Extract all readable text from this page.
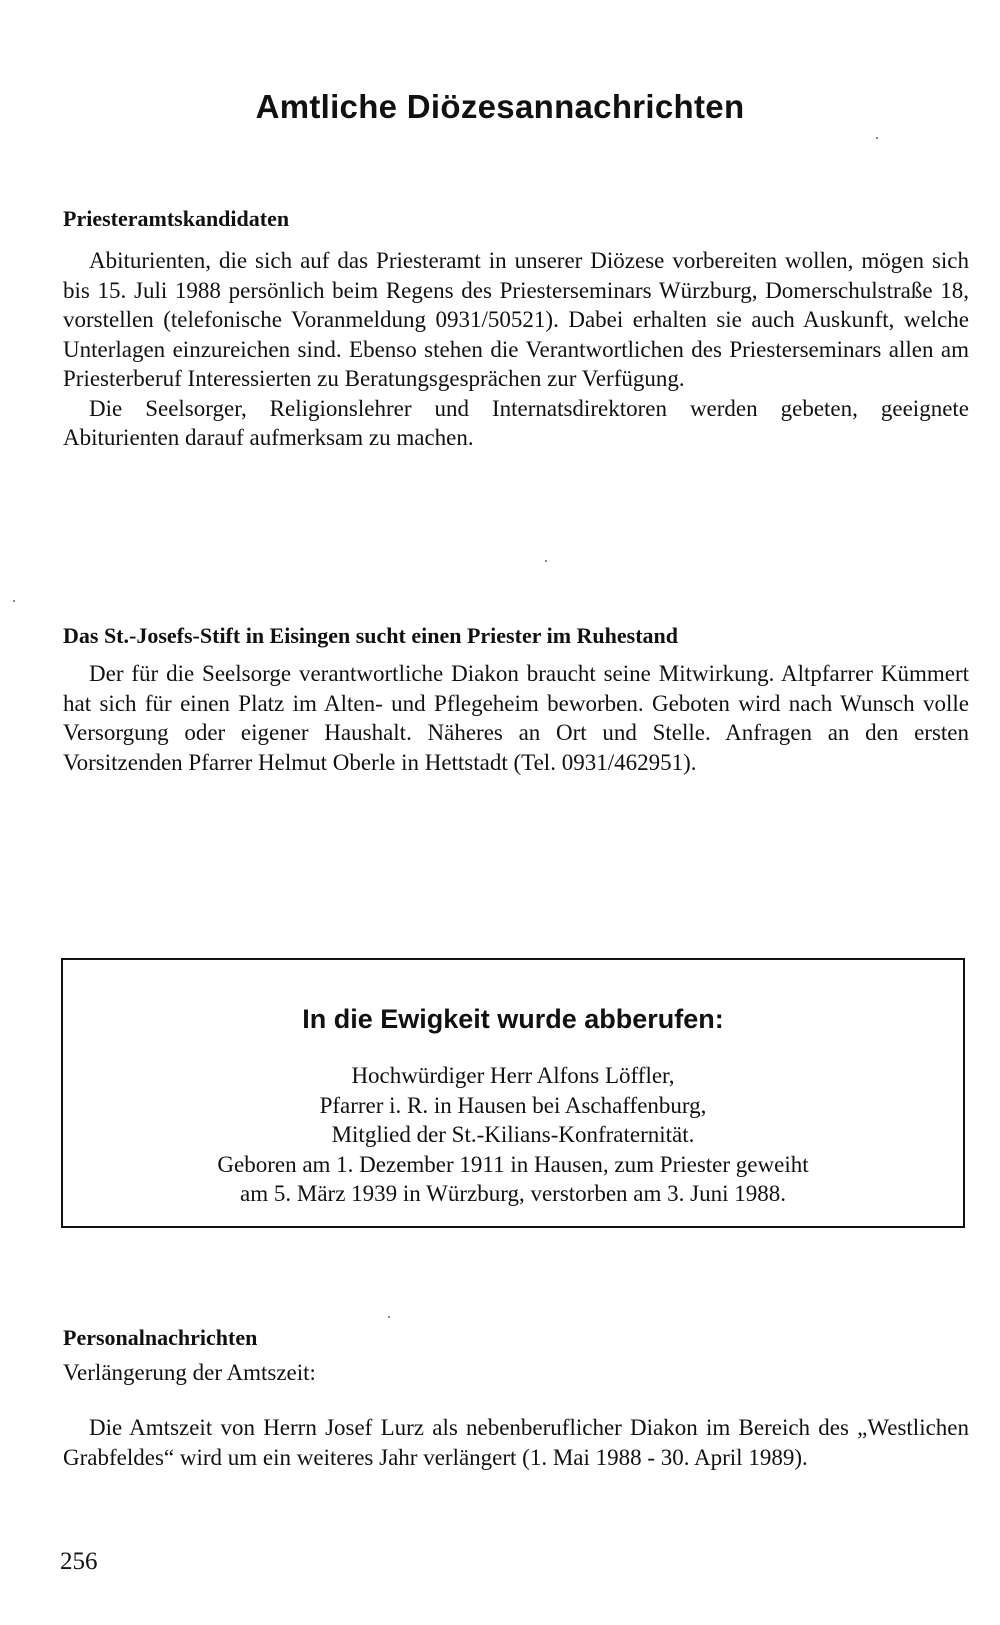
Amtliche Diözesannachrichten
Priesteramtskandidaten

Abiturienten, die sich auf das Priesteramt in unserer Diözese vorbereiten wollen, mögen sich bis 15. Juli 1988 persönlich beim Regens des Priesterseminars Würzburg, Domerschulstraße 18, vorstellen (telefonische Voranmeldung 0931/50521). Dabei erhalten sie auch Auskunft, welche Unterlagen einzureichen sind. Ebenso stehen die Verantwortlichen des Priesterseminars allen am Priesterberuf Interessierten zu Beratungsgesprächen zur Verfügung.

Die Seelsorger, Religionslehrer und Internatsdirektoren werden gebeten, geeignete Abiturienten darauf aufmerksam zu machen.

Das St.-Josefs-Stift in Eisingen sucht einen Priester im Ruhestand

Der für die Seelsorge verantwortliche Diakon braucht seine Mitwirkung. Altpfarrer Kümmert hat sich für einen Platz im Alten- und Pflegeheim beworben. Geboten wird nach Wunsch volle Versorgung oder eigener Haushalt. Näheres an Ort und Stelle. Anfragen an den ersten Vorsitzenden Pfarrer Helmut Oberle in Hettstadt (Tel. 0931/462951).

In die Ewigkeit wurde abberufen:
Hochwürdiger Herr Alfons Löffler,
Pfarrer i. R. in Hausen bei Aschaffenburg,
Mitglied der St.-Kilians-Konfraternität.
Geboren am 1. Dezember 1911 in Hausen, zum Priester geweiht
am 5. März 1939 in Würzburg, verstorben am 3. Juni 1988.
Personalnachrichten
Verlängerung der Amtszeit:

Die Amtszeit von Herrn Josef Lurz als nebenberuflicher Diakon im Bereich des „Westlichen Grabfeldes“ wird um ein weiteres Jahr verlängert (1. Mai 1988 - 30. April 1989).

256
